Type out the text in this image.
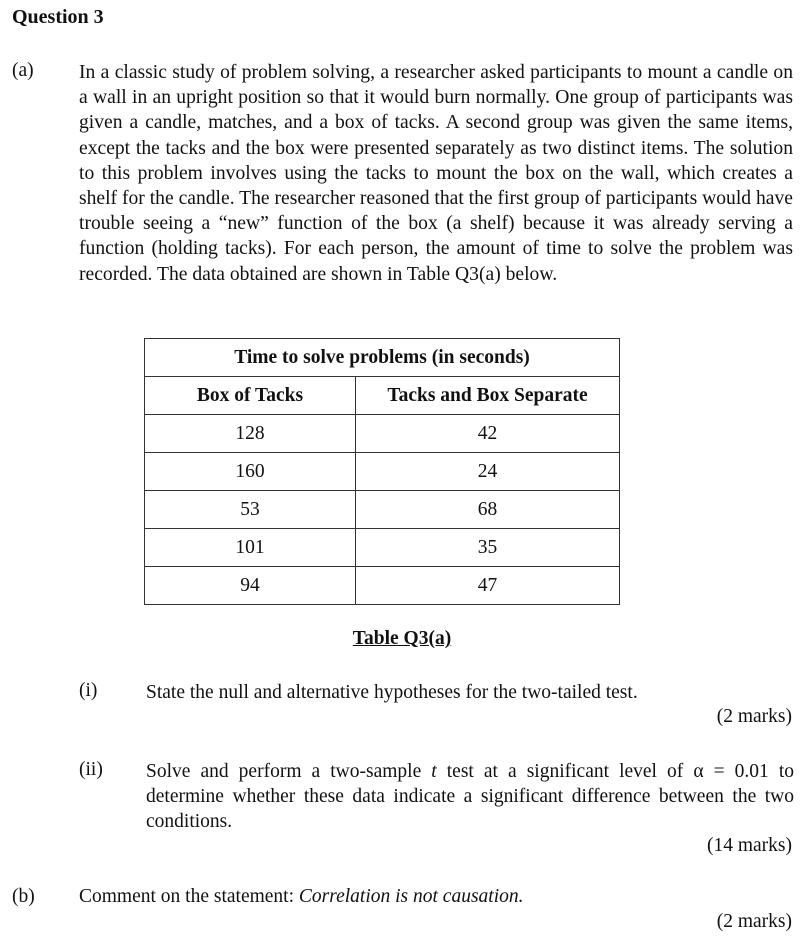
Question 3
(a) In a classic study of problem solving, a researcher asked participants to mount a candle on a wall in an upright position so that it would burn normally. One group of participants was given a candle, matches, and a box of tacks. A second group was given the same items, except the tacks and the box were presented separately as two distinct items. The solution to this problem involves using the tacks to mount the box on the wall, which creates a shelf for the candle. The researcher reasoned that the first group of participants would have trouble seeing a “new” function of the box (a shelf) because it was already serving a function (holding tacks). For each person, the amount of time to solve the problem was recorded. The data obtained are shown in Table Q3(a) below.
Time to solve problems (in seconds)	
Box of Tacks	Tacks and Box Separate
128	42
160	24
53	68
101	35
94	47
Table Q3(a)
(i) State the null and alternative hypotheses for the two-tailed test.
(2 marks)
(ii) Solve and perform a two-sample t test at a significant level of α = 0.01 to determine whether these data indicate a significant difference between the two conditions.
(14 marks)
(b) Comment on the statement: Correlation is not causation.
(2 marks)
